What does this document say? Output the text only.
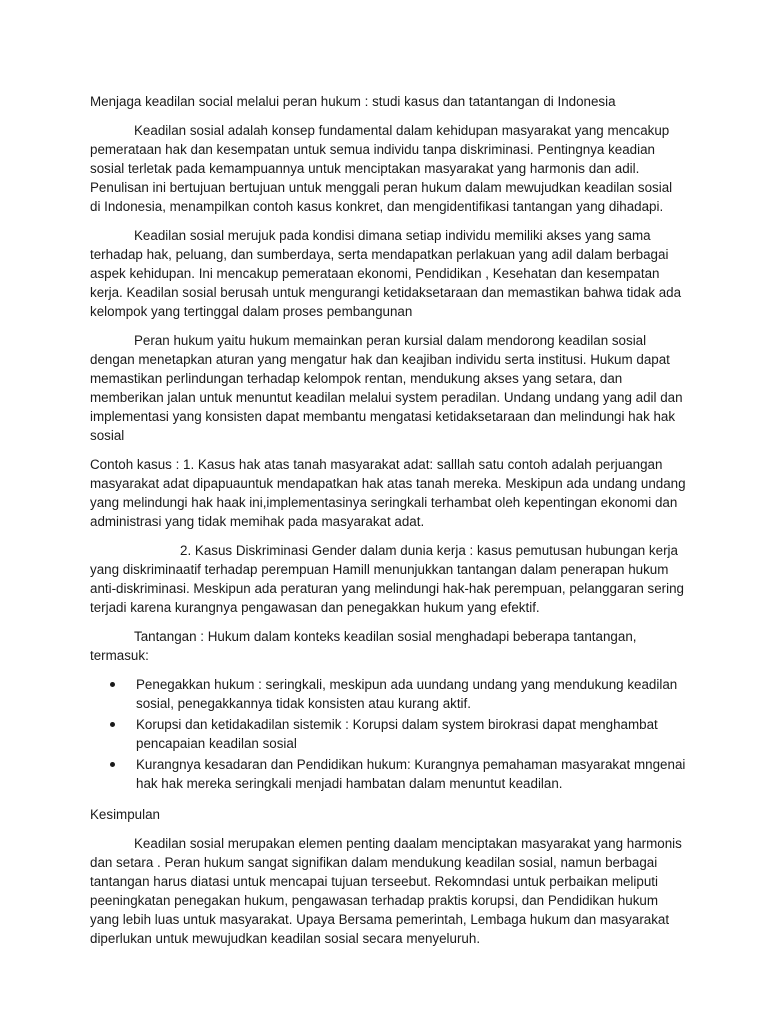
Menjaga keadilan social melalui peran hukum : studi kasus dan tatantangan di Indonesia

Keadilan sosial adalah konsep fundamental dalam kehidupan masyarakat yang mencakup pemerataan hak dan kesempatan untuk semua individu tanpa diskriminasi. Pentingnya keadian sosial terletak pada kemampuannya untuk menciptakan masyarakat yang harmonis dan adil. Penulisan ini bertujuan bertujuan untuk menggali peran hukum dalam mewujudkan keadilan sosial di Indonesia, menampilkan contoh kasus konkret, dan mengidentifikasi tantangan yang dihadapi.

Keadilan sosial merujuk pada kondisi dimana setiap individu memiliki akses yang sama terhadap hak, peluang, dan sumberdaya, serta mendapatkan perlakuan yang adil dalam berbagai aspek kehidupan. Ini mencakup pemerataan ekonomi, Pendidikan , Kesehatan dan kesempatan kerja. Keadilan sosial berusah untuk mengurangi ketidaksetaraan dan memastikan bahwa tidak ada kelompok yang tertinggal dalam proses pembangunan

Peran hukum yaitu hukum memainkan peran kursial dalam mendorong keadilan sosial dengan menetapkan aturan yang mengatur hak dan keajiban individu serta institusi. Hukum dapat memastikan perlindungan terhadap kelompok rentan, mendukung akses yang setara, dan memberikan jalan untuk menuntut keadilan melalui system peradilan. Undang undang yang adil dan implementasi yang konsisten dapat membantu mengatasi ketidaksetaraan dan melindungi hak hak sosial

Contoh kasus : 1. Kasus hak atas tanah masyarakat adat: salllah satu contoh adalah perjuangan masyarakat adat dipapuauntuk mendapatkan hak atas tanah mereka. Meskipun ada undang undang yang melindungi hak haak ini,implementasinya seringkali terhambat oleh kepentingan ekonomi dan administrasi yang tidak memihak pada masyarakat adat.

2. Kasus Diskriminasi Gender dalam dunia kerja : kasus pemutusan hubungan kerja yang diskriminaatif terhadap perempuan Hamill menunjukkan tantangan dalam penerapan hukum anti-diskriminasi. Meskipun ada peraturan yang melindungi hak-hak perempuan, pelanggaran sering terjadi karena kurangnya pengawasan dan penegakkan hukum yang efektif.

Tantangan : Hukum dalam konteks keadilan sosial menghadapi beberapa tantangan, termasuk:

Penegakkan hukum : seringkali, meskipun ada uundang undang yang mendukung keadilan sosial, penegakkannya tidak konsisten atau kurang aktif.
Korupsi dan ketidakadilan sistemik : Korupsi dalam system birokrasi dapat menghambat pencapaian keadilan sosial
Kurangnya kesadaran dan Pendidikan hukum: Kurangnya pemahaman masyarakat mngenai hak hak mereka seringkali menjadi hambatan dalam menuntut keadilan.

Kesimpulan

Keadilan sosial merupakan elemen penting daalam menciptakan masyarakat yang harmonis dan setara . Peran hukum sangat signifikan dalam mendukung keadilan sosial, namun berbagai tantangan harus diatasi untuk mencapai tujuan terseebut. Rekomndasi untuk perbaikan meliputi peeningkatan penegakan hukum, pengawasan terhadap praktis korupsi, dan Pendidikan hukum yang lebih luas untuk masyarakat. Upaya Bersama pemerintah, Lembaga hukum dan masyarakat diperlukan untuk mewujudkan keadilan sosial secara menyeluruh.
